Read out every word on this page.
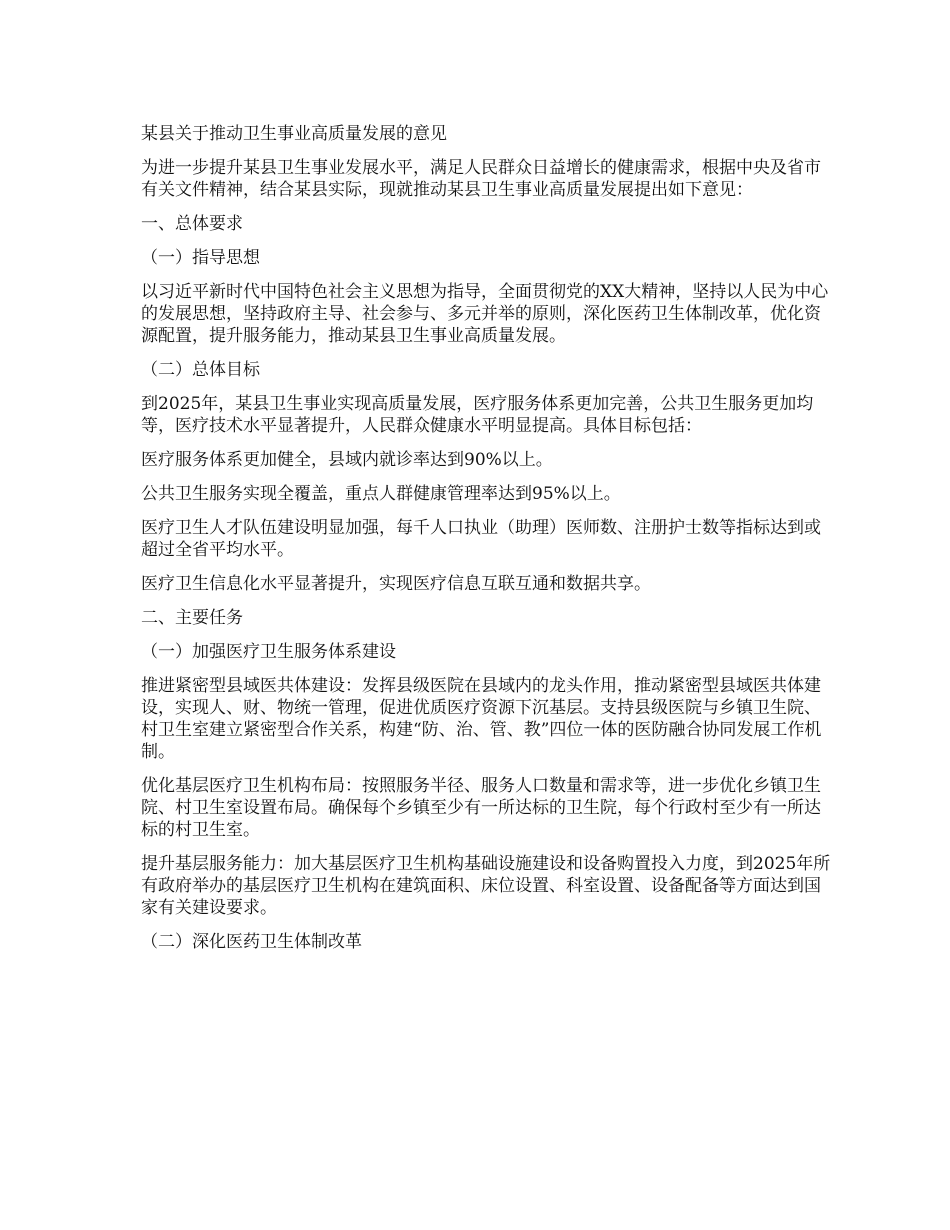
某县关于推动卫生事业高质量发展的意见

为进一步提升某县卫生事业发展水平，满足人民群众日益增长的健康需求，根据中央及省市有关文件精神，结合某县实际，现就推动某县卫生事业高质量发展提出如下意见：

一、总体要求

（一）指导思想

以习近平新时代中国特色社会主义思想为指导，全面贯彻党的XX大精神，坚持以人民为中心的发展思想，坚持政府主导、社会参与、多元并举的原则，深化医药卫生体制改革，优化资源配置，提升服务能力，推动某县卫生事业高质量发展。

（二）总体目标

到2025年，某县卫生事业实现高质量发展，医疗服务体系更加完善，公共卫生服务更加均等，医疗技术水平显著提升，人民群众健康水平明显提高。具体目标包括：

医疗服务体系更加健全，县域内就诊率达到90%以上。

公共卫生服务实现全覆盖，重点人群健康管理率达到95%以上。

医疗卫生人才队伍建设明显加强，每千人口执业（助理）医师数、注册护士数等指标达到或超过全省平均水平。

医疗卫生信息化水平显著提升，实现医疗信息互联互通和数据共享。

二、主要任务

（一）加强医疗卫生服务体系建设

推进紧密型县域医共体建设：发挥县级医院在县域内的龙头作用，推动紧密型县域医共体建设，实现人、财、物统一管理，促进优质医疗资源下沉基层。支持县级医院与乡镇卫生院、村卫生室建立紧密型合作关系，构建“防、治、管、教”四位一体的医防融合协同发展工作机制。

优化基层医疗卫生机构布局：按照服务半径、服务人口数量和需求等，进一步优化乡镇卫生院、村卫生室设置布局。确保每个乡镇至少有一所达标的卫生院，每个行政村至少有一所达标的村卫生室。

提升基层服务能力：加大基层医疗卫生机构基础设施建设和设备购置投入力度，到2025年所有政府举办的基层医疗卫生机构在建筑面积、床位设置、科室设置、设备配备等方面达到国家有关建设要求。

（二）深化医药卫生体制改革
